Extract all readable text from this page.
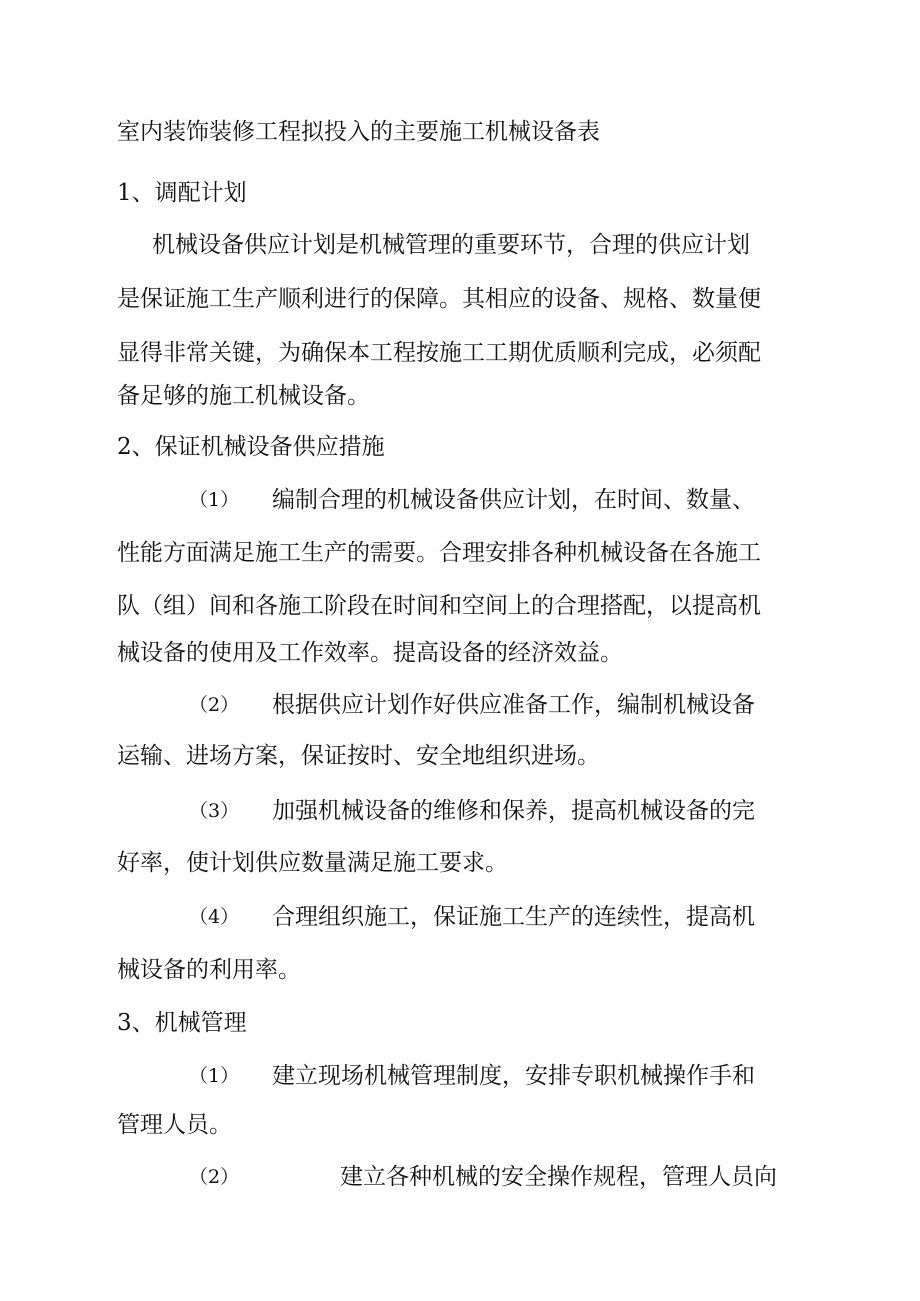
室内装饰装修工程拟投入的主要施工机械设备表

1、调配计划

机械设备供应计划是机械管理的重要环节，合理的供应计划

是保证施工生产顺利进行的保障。其相应的设备、规格、数量便

显得非常关键，为确保本工程按施工工期优质顺利完成，必须配

备足够的施工机械设备。

2、保证机械设备供应措施

（1） 编制合理的机械设备供应计划，在时间、数量、

性能方面满足施工生产的需要。合理安排各种机械设备在各施工

队（组）间和各施工阶段在时间和空间上的合理搭配，以提高机

械设备的使用及工作效率。提高设备的经济效益。

（2） 根据供应计划作好供应准备工作，编制机械设备

运输、进场方案，保证按时、安全地组织进场。

（3） 加强机械设备的维修和保养，提高机械设备的完

好率，使计划供应数量满足施工要求。

（4） 合理组织施工，保证施工生产的连续性，提高机

械设备的利用率。

3、机械管理

（1） 建立现场机械管理制度，安排专职机械操作手和

管理人员。

（2）	建立各种机械的安全操作规程，管理人员向
